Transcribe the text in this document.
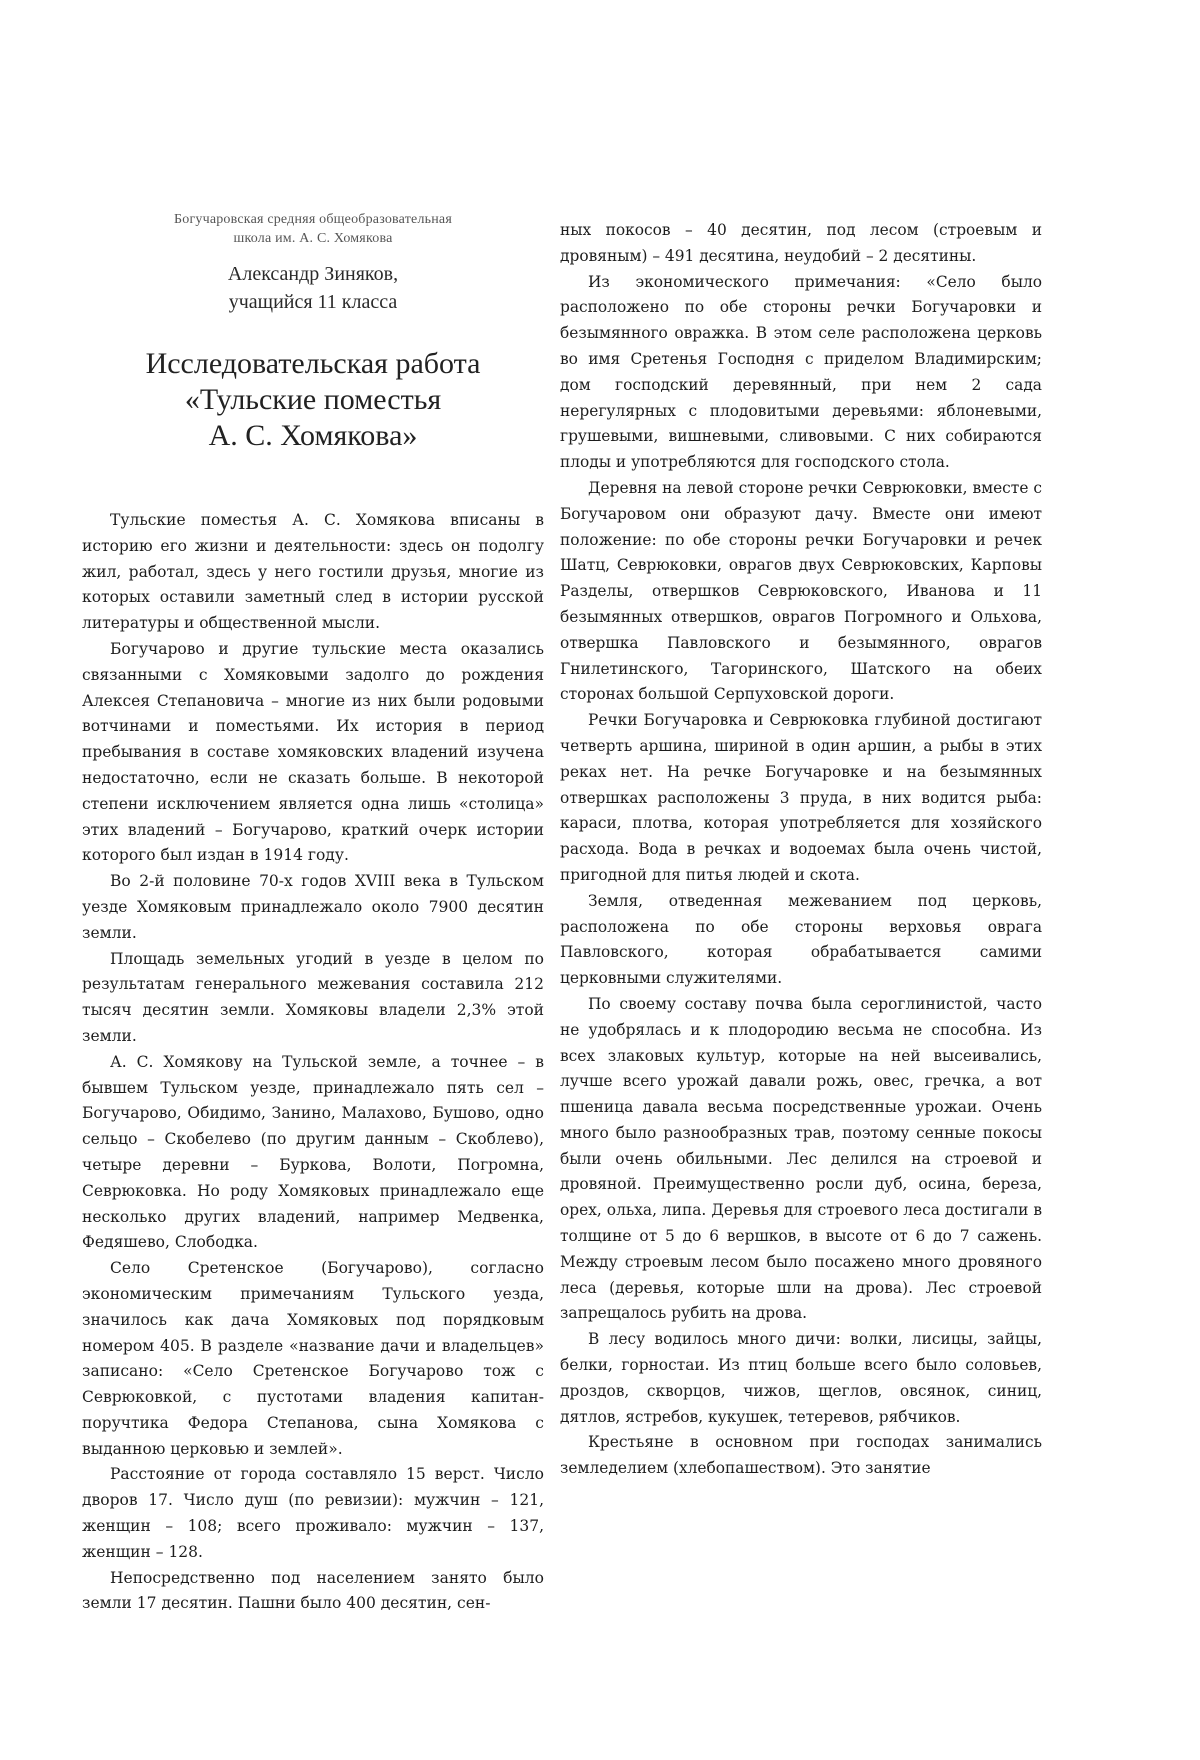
Богучаровская средняя общеобразовательная
школа им. А. С. Хомякова
Александр Зиняков,
учащийся 11 класса
Исследовательская работа
«Тульские поместья
А. С. Хомякова»

Тульские поместья А. С. Хомякова вписаны в историю его жизни и деятельности: здесь он подолгу жил, работал, здесь у него гостили друзья, многие из которых оставили заметный след в истории русской литературы и общественной мысли.

Богучарово и другие тульские места оказались связанными с Хомяковыми задолго до рождения Алексея Степановича – многие из них были родовыми вотчинами и поместьями. Их история в период пребывания в составе хомяковских владений изучена недостаточно, если не сказать больше. В некоторой степени исключением является одна лишь «столица» этих владений – Богучарово, краткий очерк истории которого был издан в 1914 году.

Во 2-й половине 70-х годов XVIII века в Тульском уезде Хомяковым принадлежало около 7900 десятин земли.

Площадь земельных угодий в уезде в целом по результатам генерального межевания составила 212 тысяч десятин земли. Хомяковы владели 2,3% этой земли.

А. С. Хомякову на Тульской земле, а точнее – в бывшем Тульском уезде, принадлежало пять сел – Богучарово, Обидимо, Занино, Малахово, Бушово, одно сельцо – Скобелево (по другим данным – Скоблево), четыре деревни – Буркова, Волоти, Погромна, Севрюковка. Но роду Хомяковых принадлежало еще несколько других владений, например Медвенка, Федяшево, Слободка.

Село Сретенское (Богучарово), согласно экономическим примечаниям Тульского уезда, значилось как дача Хомяковых под порядковым номером 405. В разделе «название дачи и владельцев» записано: «Село Сретенское Богучарово тож с Севрюковкой, с пустотами владения капитан-поручтика Федора Степанова, сына Хомякова с выданною церковью и землей».

Расстояние от города составляло 15 верст. Число дворов 17. Число душ (по ревизии): мужчин – 121, женщин – 108; всего проживало: мужчин – 137, женщин – 128.

Непосредственно под населением занято было земли 17 десятин. Пашни было 400 десятин, сен-

ных покосов – 40 десятин, под лесом (строевым и дровяным) – 491 десятина, неудобий – 2 десятины.

Из экономического примечания: «Село было расположено по обе стороны речки Богучаровки и безымянного овражка. В этом селе расположена церковь во имя Сретенья Господня с приделом Владимирским; дом господский деревянный, при нем 2 сада нерегулярных с плодовитыми деревьями: яблоневыми, грушевыми, вишневыми, сливовыми. С них собираются плоды и употребляются для господского стола.

Деревня на левой стороне речки Севрюковки, вместе с Богучаровом они образуют дачу. Вместе они имеют положение: по обе стороны речки Богучаровки и речек Шатц, Севрюковки, оврагов двух Севрюковских, Карповы Разделы, отвершков Севрюковского, Иванова и 11 безымянных отвершков, оврагов Погромного и Ольхова, отвершка Павловского и безымянного, оврагов Гнилетинского, Тагоринского, Шатского на обеих сторонах большой Серпуховской дороги.

Речки Богучаровка и Севрюковка глубиной достигают четверть аршина, шириной в один аршин, а рыбы в этих реках нет. На речке Богучаровке и на безымянных отвершках расположены 3 пруда, в них водится рыба: караси, плотва, которая употребляется для хозяйского расхода. Вода в речках и водоемах была очень чистой, пригодной для питья людей и скота.

Земля, отведенная межеванием под церковь, расположена по обе стороны верховья оврага Павловского, которая обрабатывается самими церковными служителями.

По своему составу почва была сероглинистой, часто не удобрялась и к плодородию весьма не способна. Из всех злаковых культур, которые на ней высеивались, лучше всего урожай давали рожь, овес, гречка, а вот пшеница давала весьма посредственные урожаи. Очень много было разнообразных трав, поэтому сенные покосы были очень обильными. Лес делился на строевой и дровяной. Преимущественно росли дуб, осина, береза, орех, ольха, липа. Деревья для строевого леса достигали в толщине от 5 до 6 вершков, в высоте от 6 до 7 сажень. Между строевым лесом было посажено много дровяного леса (деревья, которые шли на дрова). Лес строевой запрещалось рубить на дрова.

В лесу водилось много дичи: волки, лисицы, зайцы, белки, горностаи. Из птиц больше всего было соловьев, дроздов, скворцов, чижов, щеглов, овсянок, синиц, дятлов, ястребов, кукушек, тетеревов, рябчиков.

Крестьяне в основном при господах занимались земледелием (хлебопашеством). Это занятие
